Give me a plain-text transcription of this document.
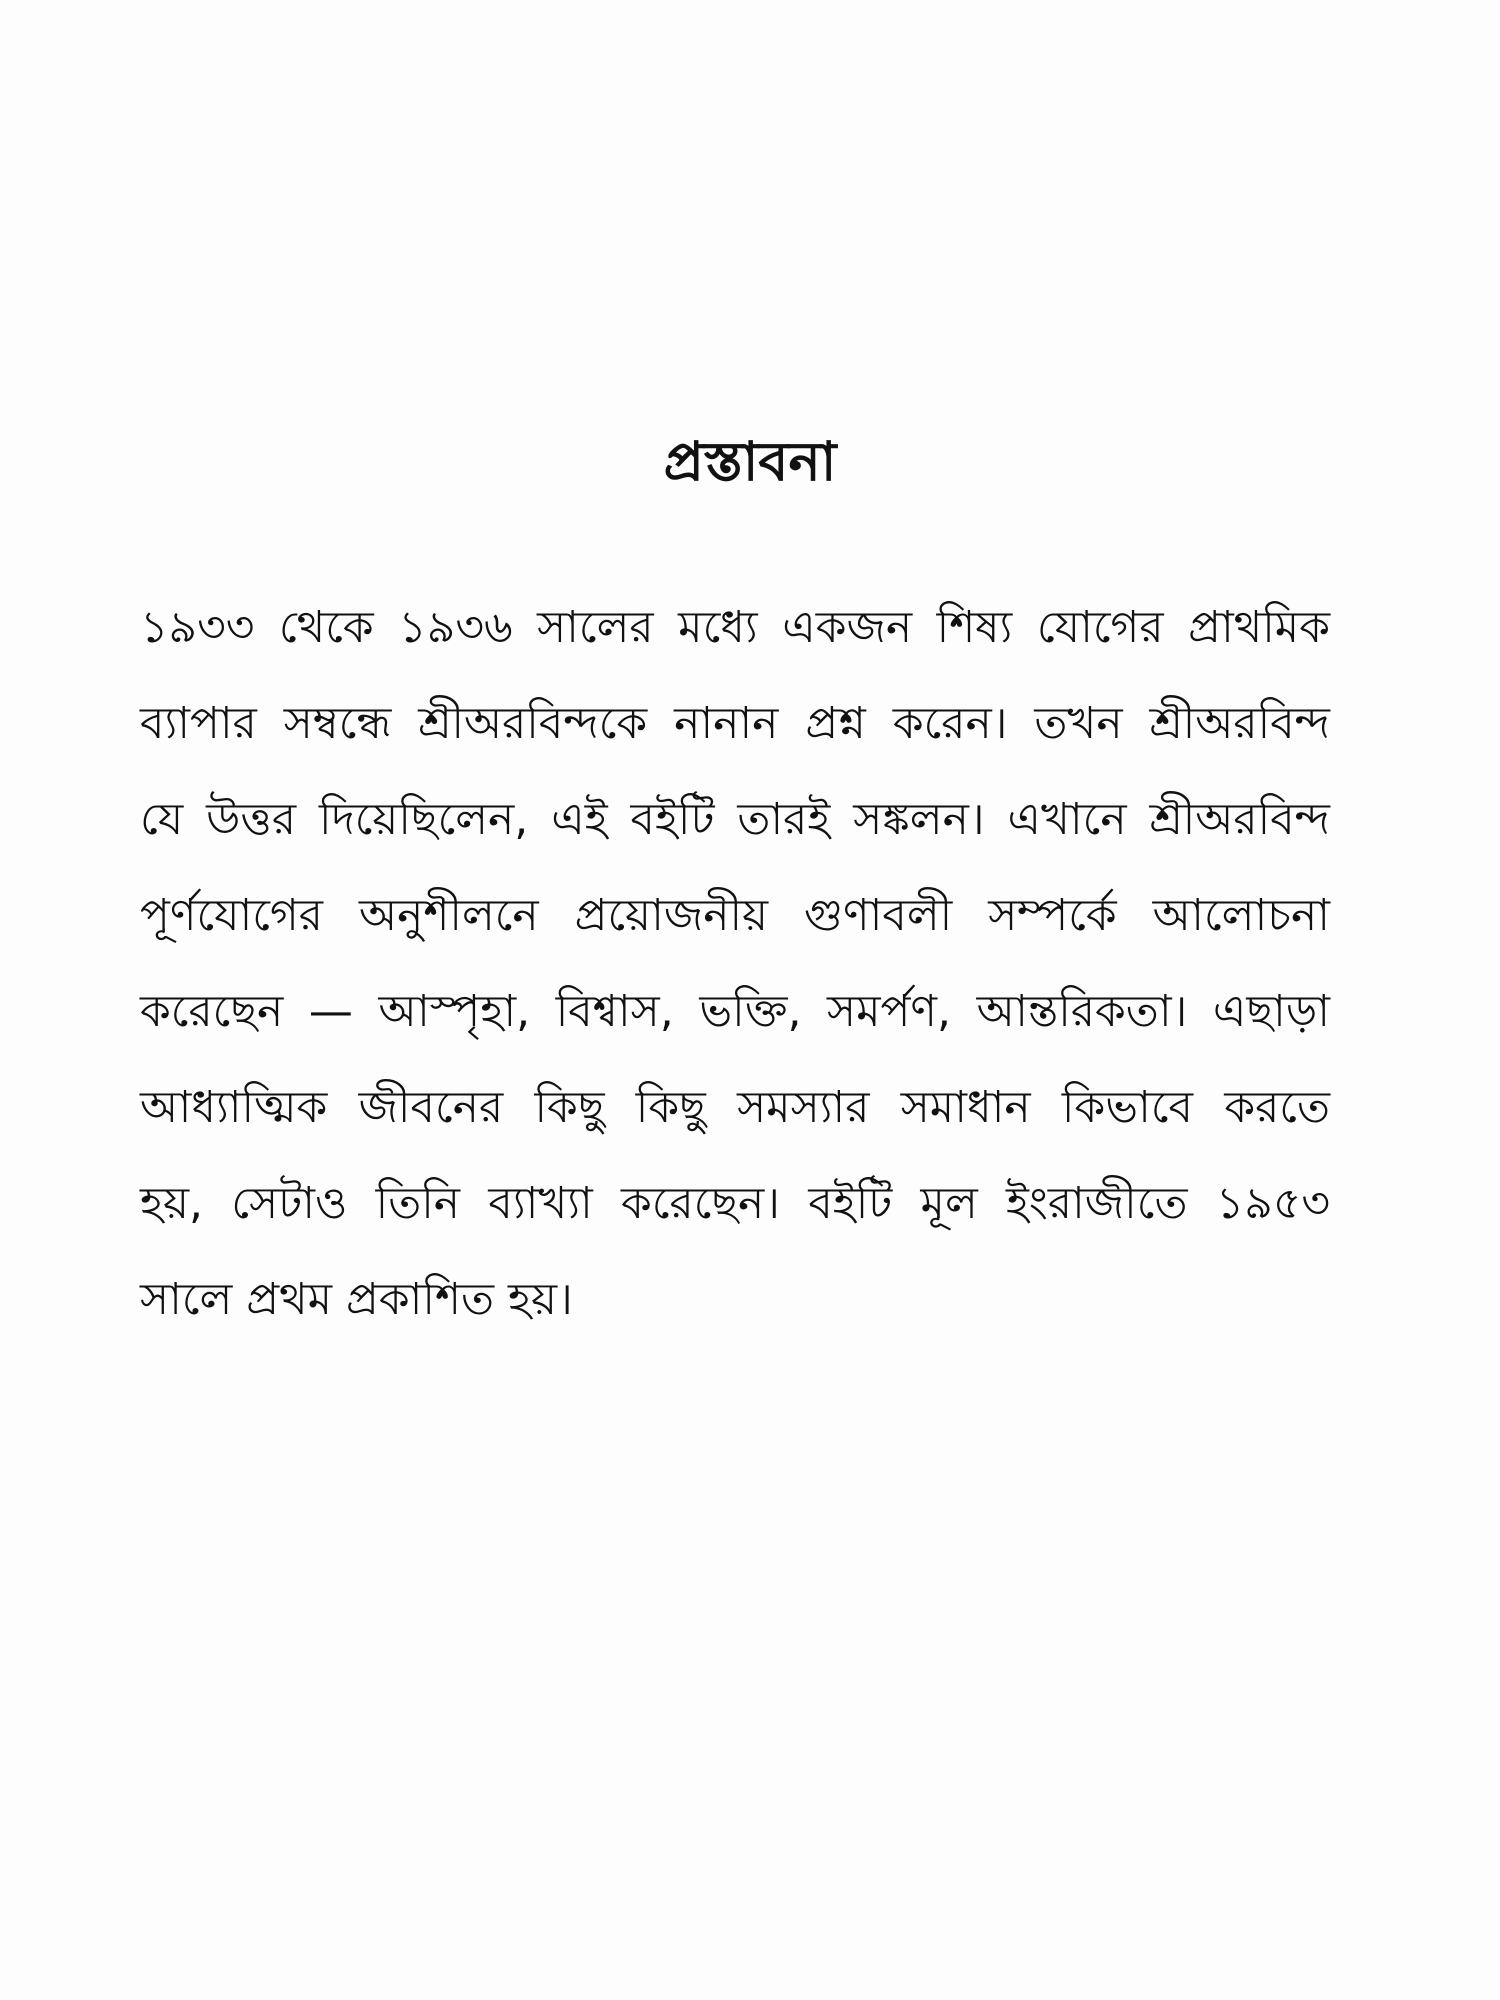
প্রস্তাবনা
১৯৩৩ থেকে ১৯৩৬ সালের মধ্যে একজন শিষ্য যোগের প্রাথমিক
ব্যাপার সম্বন্ধে শ্রীঅরবিন্দকে নানান প্রশ্ন করেন। তখন শ্রীঅরবিন্দ
যে উত্তর দিয়েছিলেন, এই বইটি তারই সঙ্কলন। এখানে শ্রীঅরবিন্দ
পূর্ণযোগের অনুশীলনে প্রয়োজনীয় গুণাবলী সম্পর্কে আলোচনা
করেছেন — আস্পৃহা, বিশ্বাস, ভক্তি, সমর্পণ, আন্তরিকতা। এছাড়া
আধ্যাত্মিক জীবনের কিছু কিছু সমস্যার সমাধান কিভাবে করতে
হয়, সেটাও তিনি ব্যাখ্যা করেছেন। বইটি মূল ইংরাজীতে ১৯৫৩
সালে প্রথম প্রকাশিত হয়।
